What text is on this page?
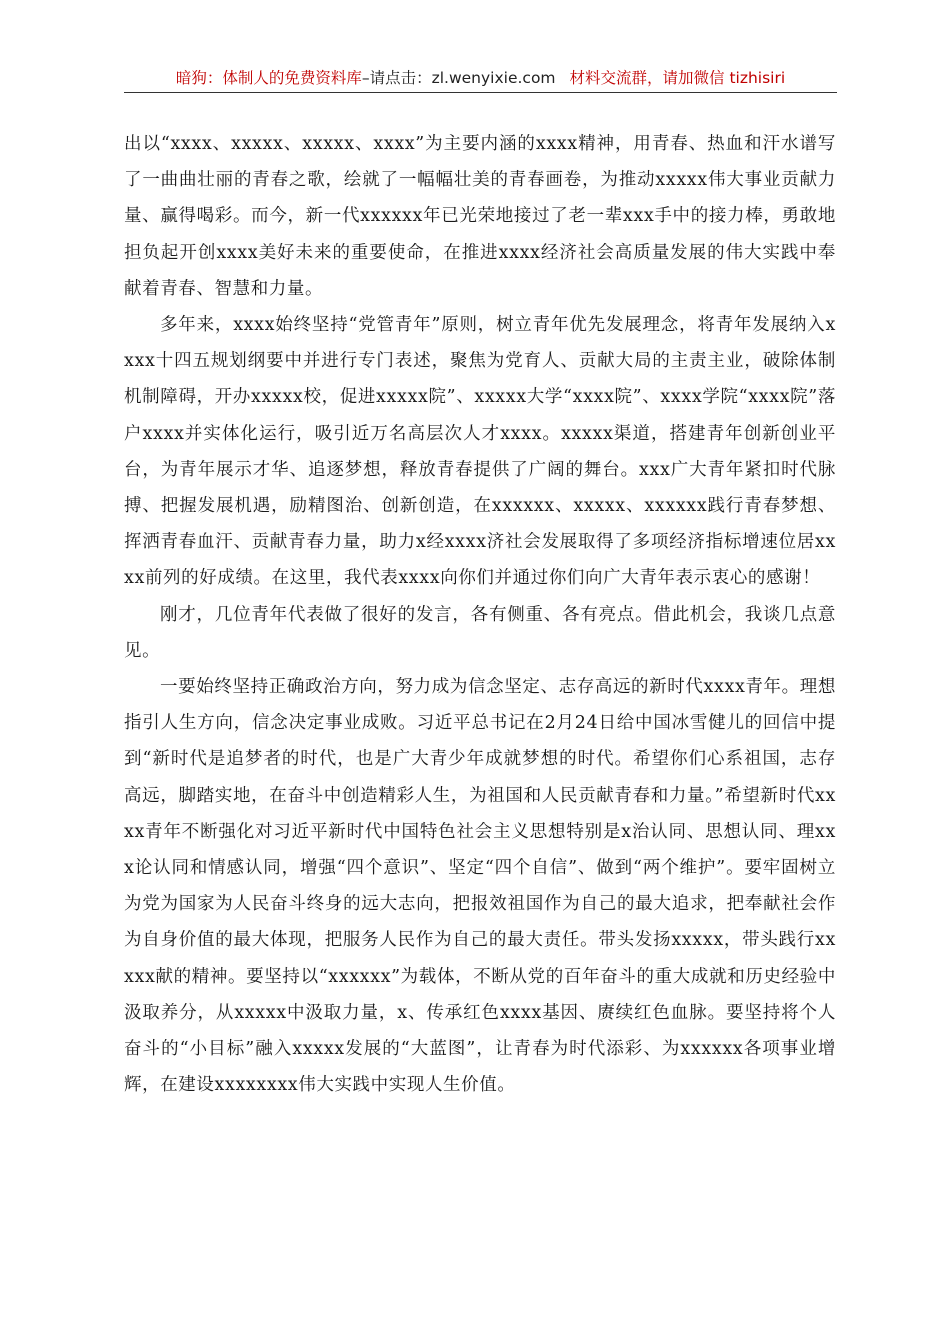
暗狗：体制人的免费资料库–请点击：zl.wenyixie.com 材料交流群，请加微信 tizhisiri

出以“xxxx、xxxxx、xxxxx、xxxx”为主要内涵的xxxx精神，用青春、热血和汗水谱写了一曲曲壮丽的青春之歌，绘就了一幅幅壮美的青春画卷，为推动xxxxx伟大事业贡献力量、赢得喝彩。而今，新一代xxxxxx年已光荣地接过了老一辈xxx手中的接力棒，勇敢地担负起开创xxxx美好未来的重要使命，在推进xxxx经济社会高质量发展的伟大实践中奉献着青春、智慧和力量。

多年来，xxxx始终坚持“党管青年”原则，树立青年优先发展理念，将青年发展纳入xxxx十四五规划纲要中并进行专门表述，聚焦为党育人、贡献大局的主责主业，破除体制机制障碍，开办xxxxx校，促进xxxxx院”、xxxxx大学“xxxx院”、xxxx学院“xxxx院”落户xxxx并实体化运行，吸引近万名高层次人才xxxx。xxxxx渠道，搭建青年创新创业平台，为青年展示才华、追逐梦想，释放青春提供了广阔的舞台。xxx广大青年紧扣时代脉搏、把握发展机遇，励精图治、创新创造，在xxxxxx、xxxxx、xxxxxx践行青春梦想、挥洒青春血汗、贡献青春力量，助力x经xxxx济社会发展取得了多项经济指标增速位居xxxx前列的好成绩。在这里，我代表xxxx向你们并通过你们向广大青年表示衷心的感谢！

刚才，几位青年代表做了很好的发言，各有侧重、各有亮点。借此机会，我谈几点意见。

一要始终坚持正确政治方向，努力成为信念坚定、志存高远的新时代xxxx青年。理想指引人生方向，信念决定事业成败。习近平总书记在2月24日给中国冰雪健儿的回信中提到“新时代是追梦者的时代，也是广大青少年成就梦想的时代。希望你们心系祖国，志存高远，脚踏实地，在奋斗中创造精彩人生，为祖国和人民贡献青春和力量。”希望新时代xxxx青年不断强化对习近平新时代中国特色社会主义思想特别是x治认同、思想认同、理xxx论认同和情感认同，增强“四个意识”、坚定“四个自信”、做到“两个维护”。要牢固树立为党为国家为人民奋斗终身的远大志向，把报效祖国作为自己的最大追求，把奉献社会作为自身价值的最大体现，把服务人民作为自己的最大责任。带头发扬xxxxx，带头践行xxxxx献的精神。要坚持以“xxxxxx”为载体，不断从党的百年奋斗的重大成就和历史经验中汲取养分，从xxxxx中汲取力量，x、传承红色xxxx基因、赓续红色血脉。要坚持将个人奋斗的“小目标”融入xxxxx发展的“大蓝图”，让青春为时代添彩、为xxxxxx各项事业增辉，在建设xxxxxxxx伟大实践中实现人生价值。
